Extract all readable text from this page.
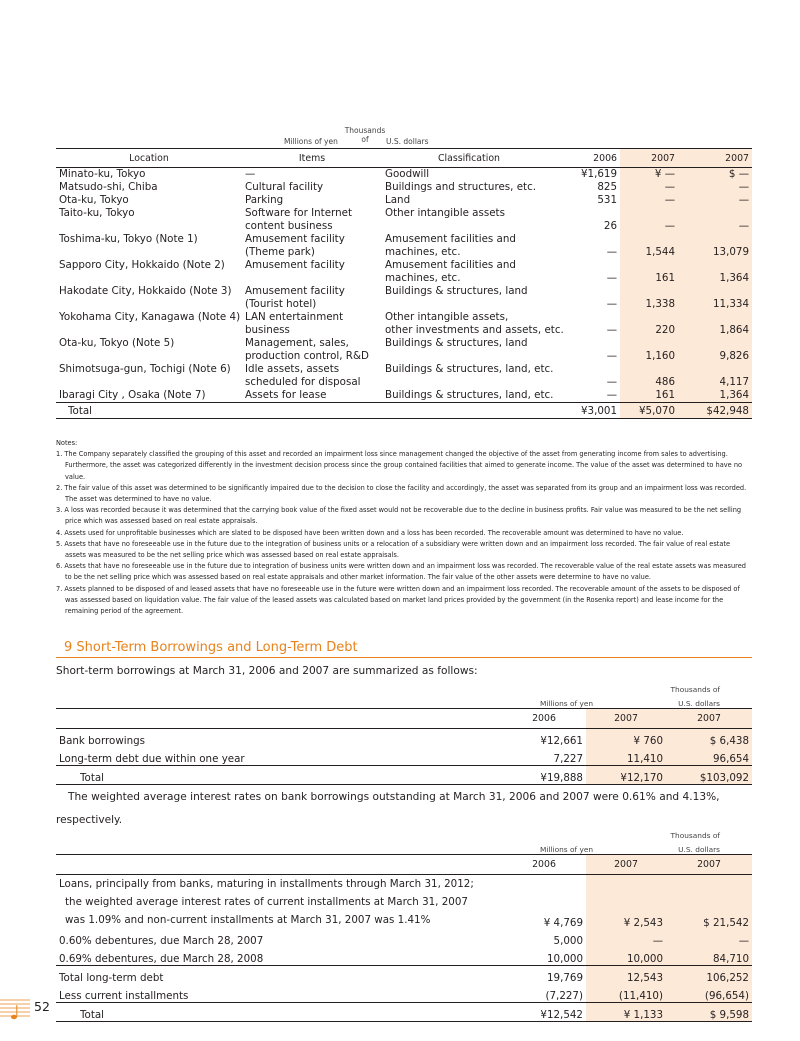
Thousands of
Millions of yen	U.S. dollars
Location	Items	Classification	2006	2007	2007
Minato-ku, Tokyo	—	Goodwill	¥1,619	¥ —	$ —
Matsudo-shi, Chiba	Cultural facility	Buildings and structures, etc.	825	—	—
Ota-ku, Tokyo	Parking	Land	531	—	—
Taito-ku, Tokyo	Software for Internet	Other intangible assets			
	content business		26	—	—
Toshima-ku, Tokyo (Note 1)	Amusement facility	Amusement facilities and			
	(Theme park)	machines, etc.	—	1,544	13,079
Sapporo City, Hokkaido (Note 2)	Amusement facility	Amusement facilities and			
		machines, etc.	—	161	1,364
Hakodate City, Hokkaido (Note 3)	Amusement facility	Buildings & structures, land			
	(Tourist hotel)		—	1,338	11,334
Yokohama City, Kanagawa (Note 4)	LAN entertainment	Other intangible assets,			
	business	other investments and assets, etc.	—	220	1,864
Ota-ku, Tokyo (Note 5)	Management, sales,	Buildings & structures, land			
	production control, R&D		—	1,160	9,826
Shimotsuga-gun, Tochigi (Note 6)	Idle assets, assets	Buildings & structures, land, etc.			
	scheduled for disposal		—	486	4,117
Ibaragi City , Osaka (Note 7)	Assets for lease	Buildings & structures, land, etc.	—	161	1,364
Total			¥3,001	¥5,070	$42,948
Notes:
1. The Company separately classified the grouping of this asset and recorded an impairment loss since management changed the objective of the asset from generating income from sales to advertising. Furthermore, the asset was categorized differently in the investment decision process since the group contained facilities that aimed to generate income. The value of the asset was determined to have no value.
2. The fair value of this asset was determined to be significantly impaired due to the decision to close the facility and accordingly, the asset was separated from its group and an impairment loss was recorded. The asset was determined to have no value.
3. A loss was recorded because it was determined that the carrying book value of the fixed asset would not be recoverable due to the decline in business profits. Fair value was measured to be the net selling price which was assessed based on real estate appraisals.
4. Assets used for unprofitable businesses which are slated to be disposed have been written down and a loss has been recorded. The recoverable amount was determined to have no value.
5. Assets that have no foreseeable use in the future due to the integration of business units or a relocation of a subsidiary were written down and an impairment loss recorded. The fair value of real estate assets was measured to be the net selling price which was assessed based on real estate appraisals.
6. Assets that have no foreseeable use in the future due to integration of business units were written down and an impairment loss was recorded. The recoverable value of the real estate assets was measured to be the net selling price which was assessed based on real estate appraisals and other market information. The fair value of the other assets were determine to have no value.
7. Assets planned to be disposed of and leased assets that have no foreseeable use in the future were written down and an impairment loss recorded. The recoverable amount of the assets to be disposed of was assessed based on liquidation value. The fair value of the leased assets was calculated based on market land prices provided by the government (in the Rosenka report) and lease income for the remaining period of the agreement.
9 Short-Term Borrowings and Long-Term Debt
Short-term borrowings at March 31, 2006 and 2007 are summarized as follows:
Thousands of
Millions of yen	U.S. dollars
	2006	2007	2007
Bank borrowings	¥12,661	¥ 760	$ 6,438
Long-term debt due within one year	7,227	11,410	96,654
Total	¥19,888	¥12,170	$103,092
The weighted average interest rates on bank borrowings outstanding at March 31, 2006 and 2007 were 0.61% and 4.13%, respectively.
Thousands of
Millions of yen	U.S. dollars
	2006	2007	2007

Loans, principally from banks, maturing in installments through March 31, 2012;
the weighted average interest rates of current installments at March 31, 2007
was 1.09% and non-current installments at March 31, 2007 was 1.41%	¥ 4,769	¥ 2,543	$ 21,542
0.60% debentures, due March 28, 2007	5,000	—	—
0.69% debentures, due March 28, 2008	10,000	10,000	84,710
Total long-term debt	19,769	12,543	106,252
Less current installments	(7,227)	(11,410)	(96,654)
Total	¥12,542	¥ 1,133	$ 9,598
52
